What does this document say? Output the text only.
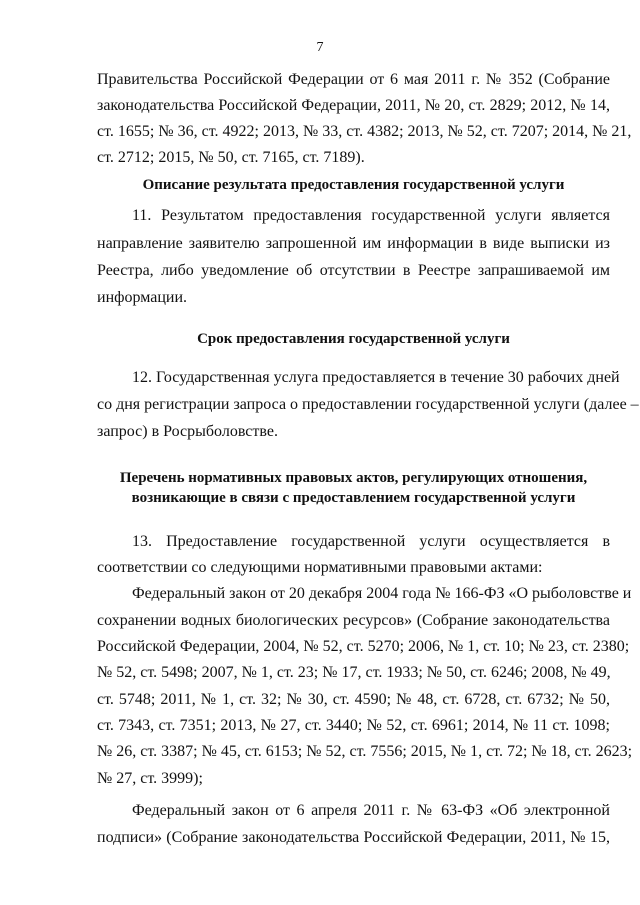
7
Правительства Российской Федерации от 6 мая 2011 г. № 352 (Собрание
законодательства Российской Федерации, 2011, № 20, ст. 2829; 2012, № 14,
ст. 1655; № 36, ст. 4922; 2013, № 33, ст. 4382; 2013, № 52, ст. 7207; 2014, № 21,
ст. 2712; 2015, № 50, ст. 7165, ст. 7189).
Описание результата предоставления государственной услуги
11. Результатом предоставления государственной услуги является
направление заявителю запрошенной им информации в виде выписки из
Реестра, либо уведомление об отсутствии в Реестре запрашиваемой им
информации.
Срок предоставления государственной услуги
12. Государственная услуга предоставляется в течение 30 рабочих дней
со дня регистрации запроса о предоставлении государственной услуги (далее –
запрос) в Росрыболовстве.
Перечень нормативных правовых актов, регулирующих отношения,
возникающие в связи с предоставлением государственной услуги
13. Предоставление государственной услуги осуществляется в
соответствии со следующими нормативными правовыми актами:
Федеральный закон от 20 декабря 2004 года № 166-ФЗ «О рыболовстве и
сохранении водных биологических ресурсов» (Собрание законодательства
Российской Федерации, 2004, № 52, ст. 5270; 2006, № 1, ст. 10; № 23, ст. 2380;
№ 52, ст. 5498; 2007, № 1, ст. 23; № 17, ст. 1933; № 50, ст. 6246; 2008, № 49,
ст. 5748; 2011, № 1, ст. 32; № 30, ст. 4590; № 48, ст. 6728, ст. 6732; № 50,
ст. 7343, ст. 7351; 2013, № 27, ст. 3440; № 52, ст. 6961; 2014, № 11 ст. 1098;
№ 26, ст. 3387; № 45, ст. 6153; № 52, ст. 7556; 2015, № 1, ст. 72; № 18, ст. 2623;
№ 27, ст. 3999);
Федеральный закон от 6 апреля 2011 г. № 63-ФЗ «Об электронной
подписи» (Собрание законодательства Российской Федерации, 2011, № 15,
